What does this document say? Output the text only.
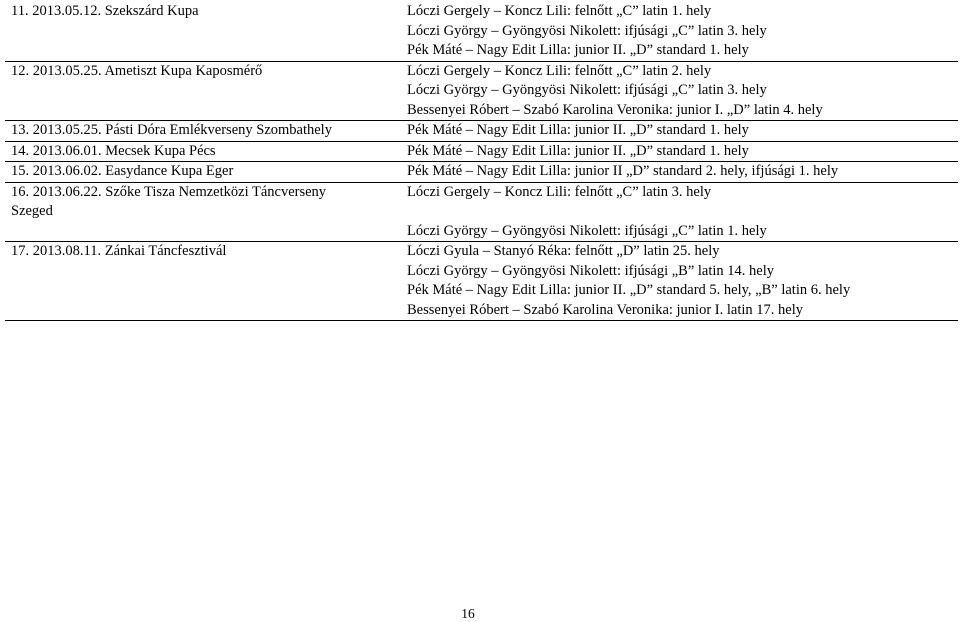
11. 2013.05.12. Szekszárd Kupa	Lóczi Gergely – Koncz Lili: felnőtt „C” latin 1. hely
Lóczi György – Gyöngyösi Nikolett: ifjúsági „C” latin 3. hely
Pék Máté – Nagy Edit Lilla: junior II. „D” standard 1. hely

12. 2013.05.25. Ametiszt Kupa Kaposmérő	Lóczi Gergely – Koncz Lili: felnőtt „C” latin 2. hely
Lóczi György – Gyöngyösi Nikolett: ifjúsági „C” latin 3. hely
Bessenyei Róbert – Szabó Karolina Veronika: junior I. „D” latin 4. hely

13. 2013.05.25. Pásti Dóra Emlékverseny Szombathely	Pék Máté – Nagy Edit Lilla: junior II. „D” standard 1. hely

14. 2013.06.01. Mecsek Kupa Pécs	Pék Máté – Nagy Edit Lilla: junior II. „D” standard 1. hely

15. 2013.06.02. Easydance Kupa Eger	Pék Máté – Nagy Edit Lilla: junior II „D” standard 2. hely, ifjúsági 1. hely

16. 2013.06.22. Szőke Tisza Nemzetközi Táncverseny
Szeged	Lóczi Gergely – Koncz Lili: felnőtt „C” latin 3. hely
Lóczi György – Gyöngyösi Nikolett: ifjúsági „C” latin 1. hely

17. 2013.08.11. Zánkai Táncfesztivál	Lóczi Gyula – Stanyó Réka: felnőtt „D” latin 25. hely
Lóczi György – Gyöngyösi Nikolett: ifjúsági „B” latin 14. hely
Pék Máté – Nagy Edit Lilla: junior II. „D” standard 5. hely, „B” latin 6. hely
Bessenyei Róbert – Szabó Karolina Veronika: junior I. latin 17. hely
16
